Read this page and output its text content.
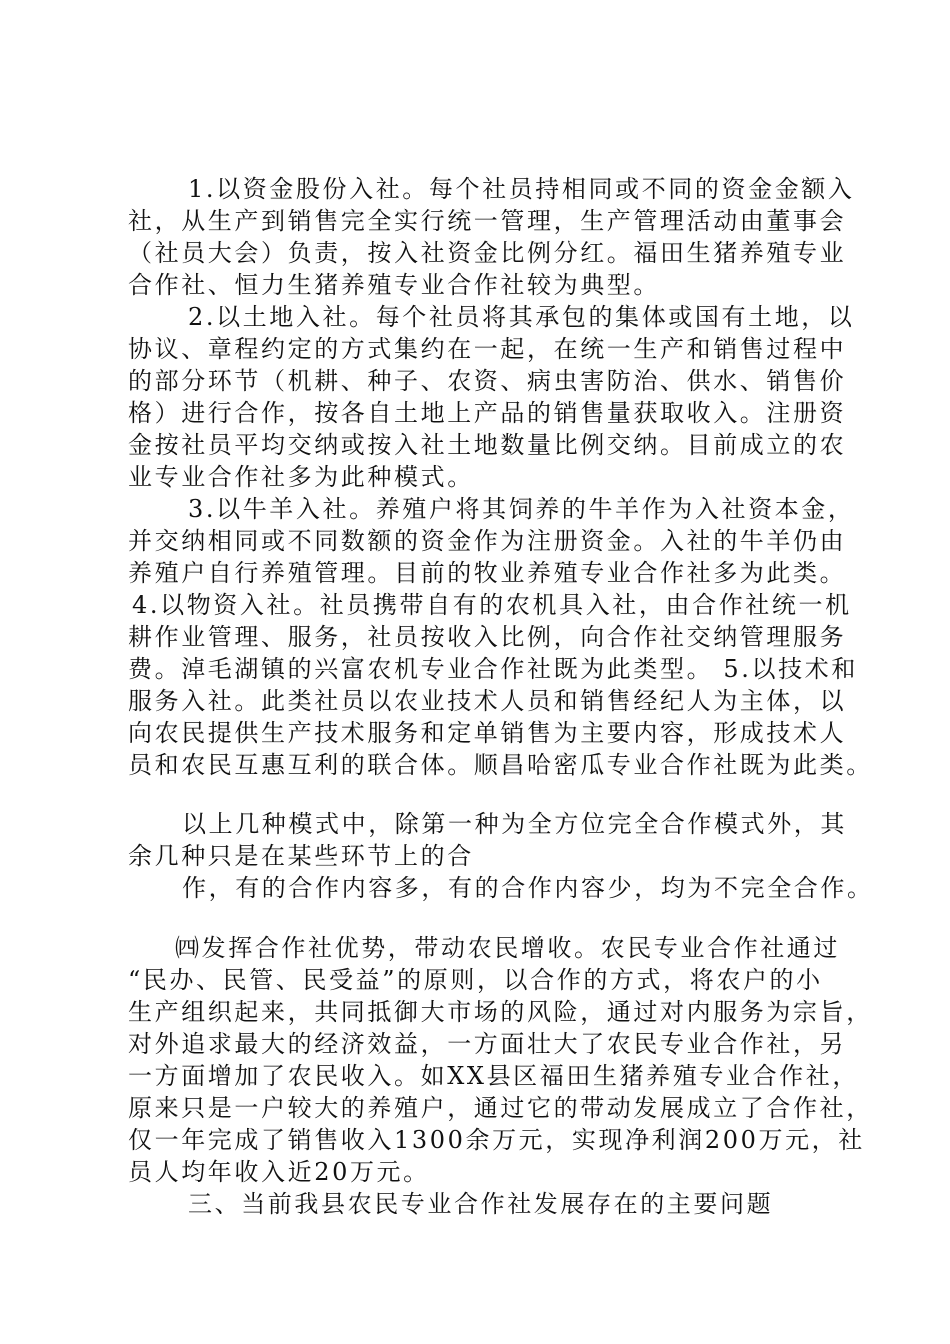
1.以资金股份入社。每个社员持相同或不同的资金金额入
社，从生产到销售完全实行统一管理，生产管理活动由董事会
（社员大会）负责，按入社资金比例分红。福田生猪养殖专业
合作社、恒力生猪养殖专业合作社较为典型。
2.以土地入社。每个社员将其承包的集体或国有土地，以
协议、章程约定的方式集约在一起，在统一生产和销售过程中
的部分环节（机耕、种子、农资、病虫害防治、供水、销售价
格）进行合作，按各自土地上产品的销售量获取收入。注册资
金按社员平均交纳或按入社土地数量比例交纳。目前成立的农
业专业合作社多为此种模式。
3.以牛羊入社。养殖户将其饲养的牛羊作为入社资本金，
并交纳相同或不同数额的资金作为注册资金。入社的牛羊仍由
养殖户自行养殖管理。目前的牧业养殖专业合作社多为此类。
4.以物资入社。社员携带自有的农机具入社，由合作社统一机
耕作业管理、服务，社员按收入比例，向合作社交纳管理服务
费。淖毛湖镇的兴富农机专业合作社既为此类型。 5.以技术和
服务入社。此类社员以农业技术人员和销售经纪人为主体，以
向农民提供生产技术服务和定单销售为主要内容，形成技术人
员和农民互惠互利的联合体。顺昌哈密瓜专业合作社既为此类。
以上几种模式中，除第一种为全方位完全合作模式外，其
余几种只是在某些环节上的合
作，有的合作内容多，有的合作内容少，均为不完全合作。
㈣发挥合作社优势，带动农民增收。农民专业合作社通过
“民办、民管、民受益”的原则，以合作的方式，将农户的小
生产组织起来，共同抵御大市场的风险，通过对内服务为宗旨，
对外追求最大的经济效益，一方面壮大了农民专业合作社，另
一方面增加了农民收入。如XX县区福田生猪养殖专业合作社，
原来只是一户较大的养殖户，通过它的带动发展成立了合作社，
仅一年完成了销售收入1300余万元，实现净利润200万元，社
员人均年收入近20万元。
三、当前我县农民专业合作社发展存在的主要问题
